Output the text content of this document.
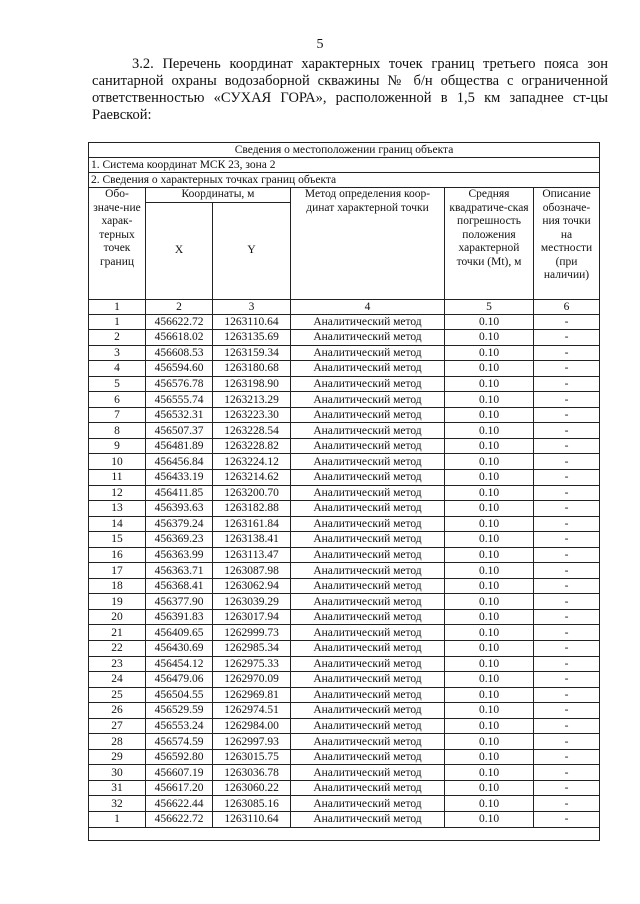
5
3.2. Перечень координат характерных точек границ третьего пояса зон санитарной охраны водозаборной скважины № б/н общества с ограниченной ответственностью «СУХАЯ ГОРА», расположенной в 1,5 км западнее ст-цы Раевской:
Сведения о местоположении границ объекта					
1. Система координат МСК 23, зона 2					
2. Сведения о характерных точках границ объекта					
Обо-значе-ние харак-терных точек границ	Координаты, м		Метод определения коор-динат характерной точки	Средняя квадратиче-ская погрешность положения характерной точки (Mt), м	Описание обозначе-ния точки на местности (при наличии)
	X	Y			
1	2	3	4	5	6
1	456622.72	1263110.64	Аналитический метод	0.10	-
2	456618.02	1263135.69	Аналитический метод	0.10	-
3	456608.53	1263159.34	Аналитический метод	0.10	-
4	456594.60	1263180.68	Аналитический метод	0.10	-
5	456576.78	1263198.90	Аналитический метод	0.10	-
6	456555.74	1263213.29	Аналитический метод	0.10	-
7	456532.31	1263223.30	Аналитический метод	0.10	-
8	456507.37	1263228.54	Аналитический метод	0.10	-
9	456481.89	1263228.82	Аналитический метод	0.10	-
10	456456.84	1263224.12	Аналитический метод	0.10	-
11	456433.19	1263214.62	Аналитический метод	0.10	-
12	456411.85	1263200.70	Аналитический метод	0.10	-
13	456393.63	1263182.88	Аналитический метод	0.10	-
14	456379.24	1263161.84	Аналитический метод	0.10	-
15	456369.23	1263138.41	Аналитический метод	0.10	-
16	456363.99	1263113.47	Аналитический метод	0.10	-
17	456363.71	1263087.98	Аналитический метод	0.10	-
18	456368.41	1263062.94	Аналитический метод	0.10	-
19	456377.90	1263039.29	Аналитический метод	0.10	-
20	456391.83	1263017.94	Аналитический метод	0.10	-
21	456409.65	1262999.73	Аналитический метод	0.10	-
22	456430.69	1262985.34	Аналитический метод	0.10	-
23	456454.12	1262975.33	Аналитический метод	0.10	-
24	456479.06	1262970.09	Аналитический метод	0.10	-
25	456504.55	1262969.81	Аналитический метод	0.10	-
26	456529.59	1262974.51	Аналитический метод	0.10	-
27	456553.24	1262984.00	Аналитический метод	0.10	-
28	456574.59	1262997.93	Аналитический метод	0.10	-
29	456592.80	1263015.75	Аналитический метод	0.10	-
30	456607.19	1263036.78	Аналитический метод	0.10	-
31	456617.20	1263060.22	Аналитический метод	0.10	-
32	456622.44	1263085.16	Аналитический метод	0.10	-
1	456622.72	1263110.64	Аналитический метод	0.10	-
